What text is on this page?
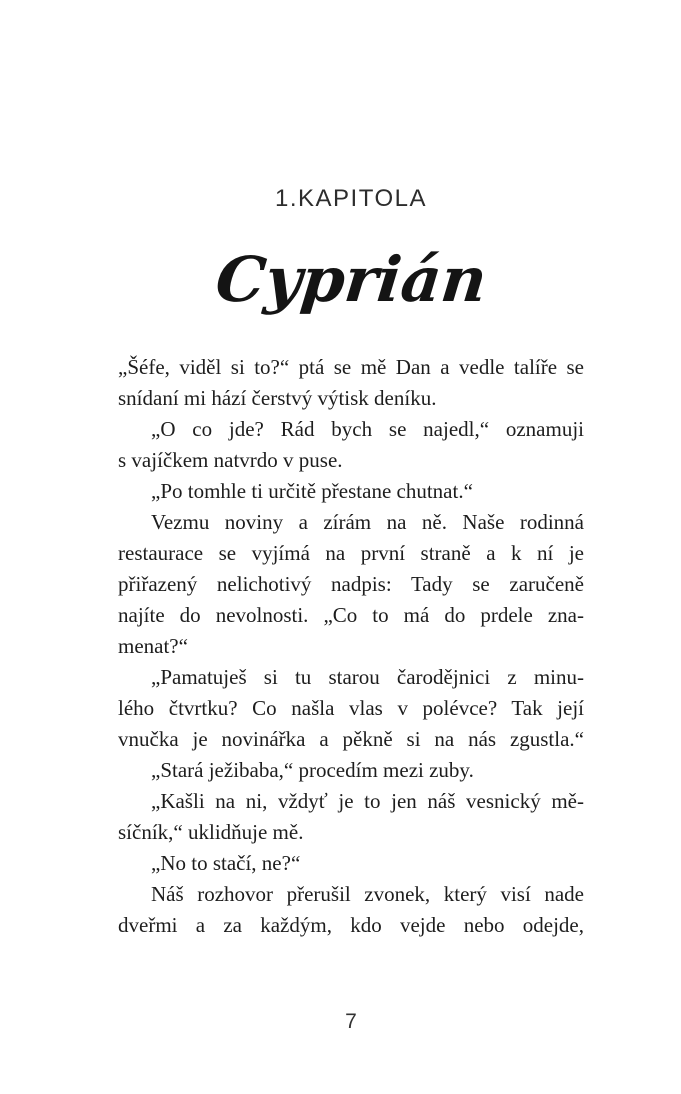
1.KAPITOLA
Cyprián
„Šéfe, viděl si to?“ ptá se mě Dan a vedle talíře se
snídaní mi hází čerstvý výtisk deníku.
„O co jde? Rád bych se najedl,“ oznamuji
s vajíčkem natvrdo v puse.
„Po tomhle ti určitě přestane chutnat.“
Vezmu noviny a zírám na ně. Naše rodinná
restaurace se vyjímá na první straně a k ní je
přiřazený nelichotivý nadpis: Tady se zaručeně
najíte do nevolnosti. „Co to má do prdele zna-
menat?“
„Pamatuješ si tu starou čarodějnici z minu-
lého čtvrtku? Co našla vlas v polévce? Tak její
vnučka je novinářka a pěkně si na nás zgustla.“
„Stará ježibaba,“ procedím mezi zuby.
„Kašli na ni, vždyť je to jen náš vesnický mě-
síčník,“ uklidňuje mě.
„No to stačí, ne?“
Náš rozhovor přerušil zvonek, který visí nade
dveřmi a za každým, kdo vejde nebo odejde,
7
